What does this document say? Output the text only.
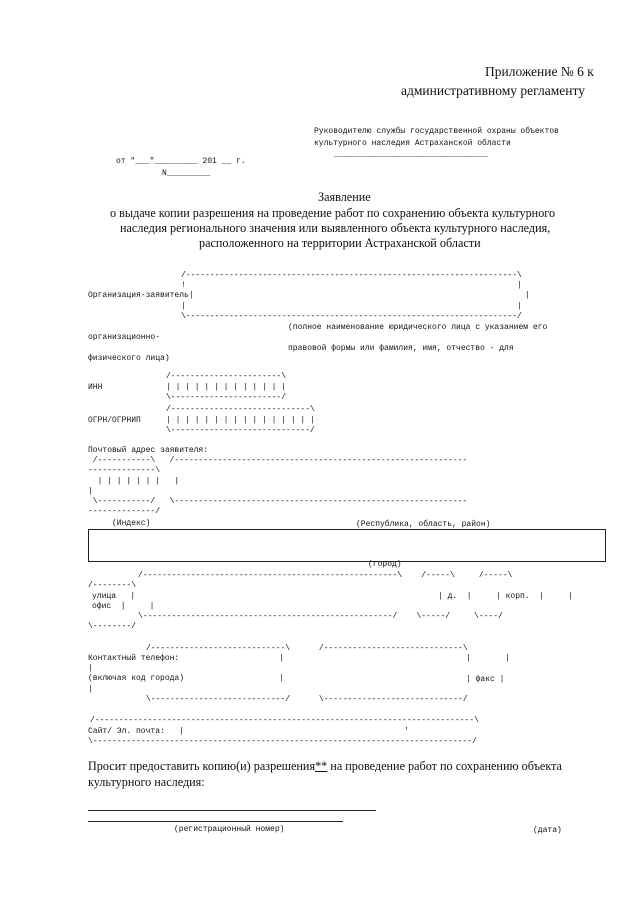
Приложение № 6 к
административному регламенту
Руководителю службы государственной охраны объектов
культурного наследия Астраханской области
________________________________
от "___"_________ 201 __ г.
N_________
Заявление
о выдаче копии разрешения на проведение работ по сохранению объекта культурного
наследия регионального значения или выявленного объекта культурного наследия,
расположенного на территории Астраханской области
/---------------------------------------------------------------------\
!                                                                     |
Организация-заявитель|                                                                     |
|                                                                     |
\---------------------------------------------------------------------/
(полное наименование юридического лица с указанием его
организационно-
правовой формы или фамилия, имя, отчество - для
физического лица)
/-----------------------\
ИНН	| | | | | | | | | | | | |
\-----------------------/
/-----------------------------\
ОГРН/ОГРНИП	| | | | | | | | | | | | | | | |
\-----------------------------/
Почтовый адрес заявителя:
/-----------\   /-------------------------------------------------------------
--------------\
| | | | | | |   |
|
\-----------/   \-------------------------------------------------------------
--------------/
(Индекс)	(Республика, область, район)
(город)
/-----------------------------------------------------\    /-----\     /-----\
/--------\
улица   |	| д.  |	| корп.  |     |
офис  |     |
\----------------------------------------------------/    \-----/     \----/
\--------/
/----------------------------\      /-----------------------------\
Контактный телефон:	|	|	|
|
(включая код города)	|	| факс |
|
\----------------------------/      \-----------------------------/
/-------------------------------------------------------------------------------\
Сайт/ Эл. почта:   |	'
\-------------------------------------------------------------------------------/
Просит предоставить копию(и) разрешения** на проведение работ по сохранению объекта
культурного наследия:
(регистрационный номер)	(дата)
